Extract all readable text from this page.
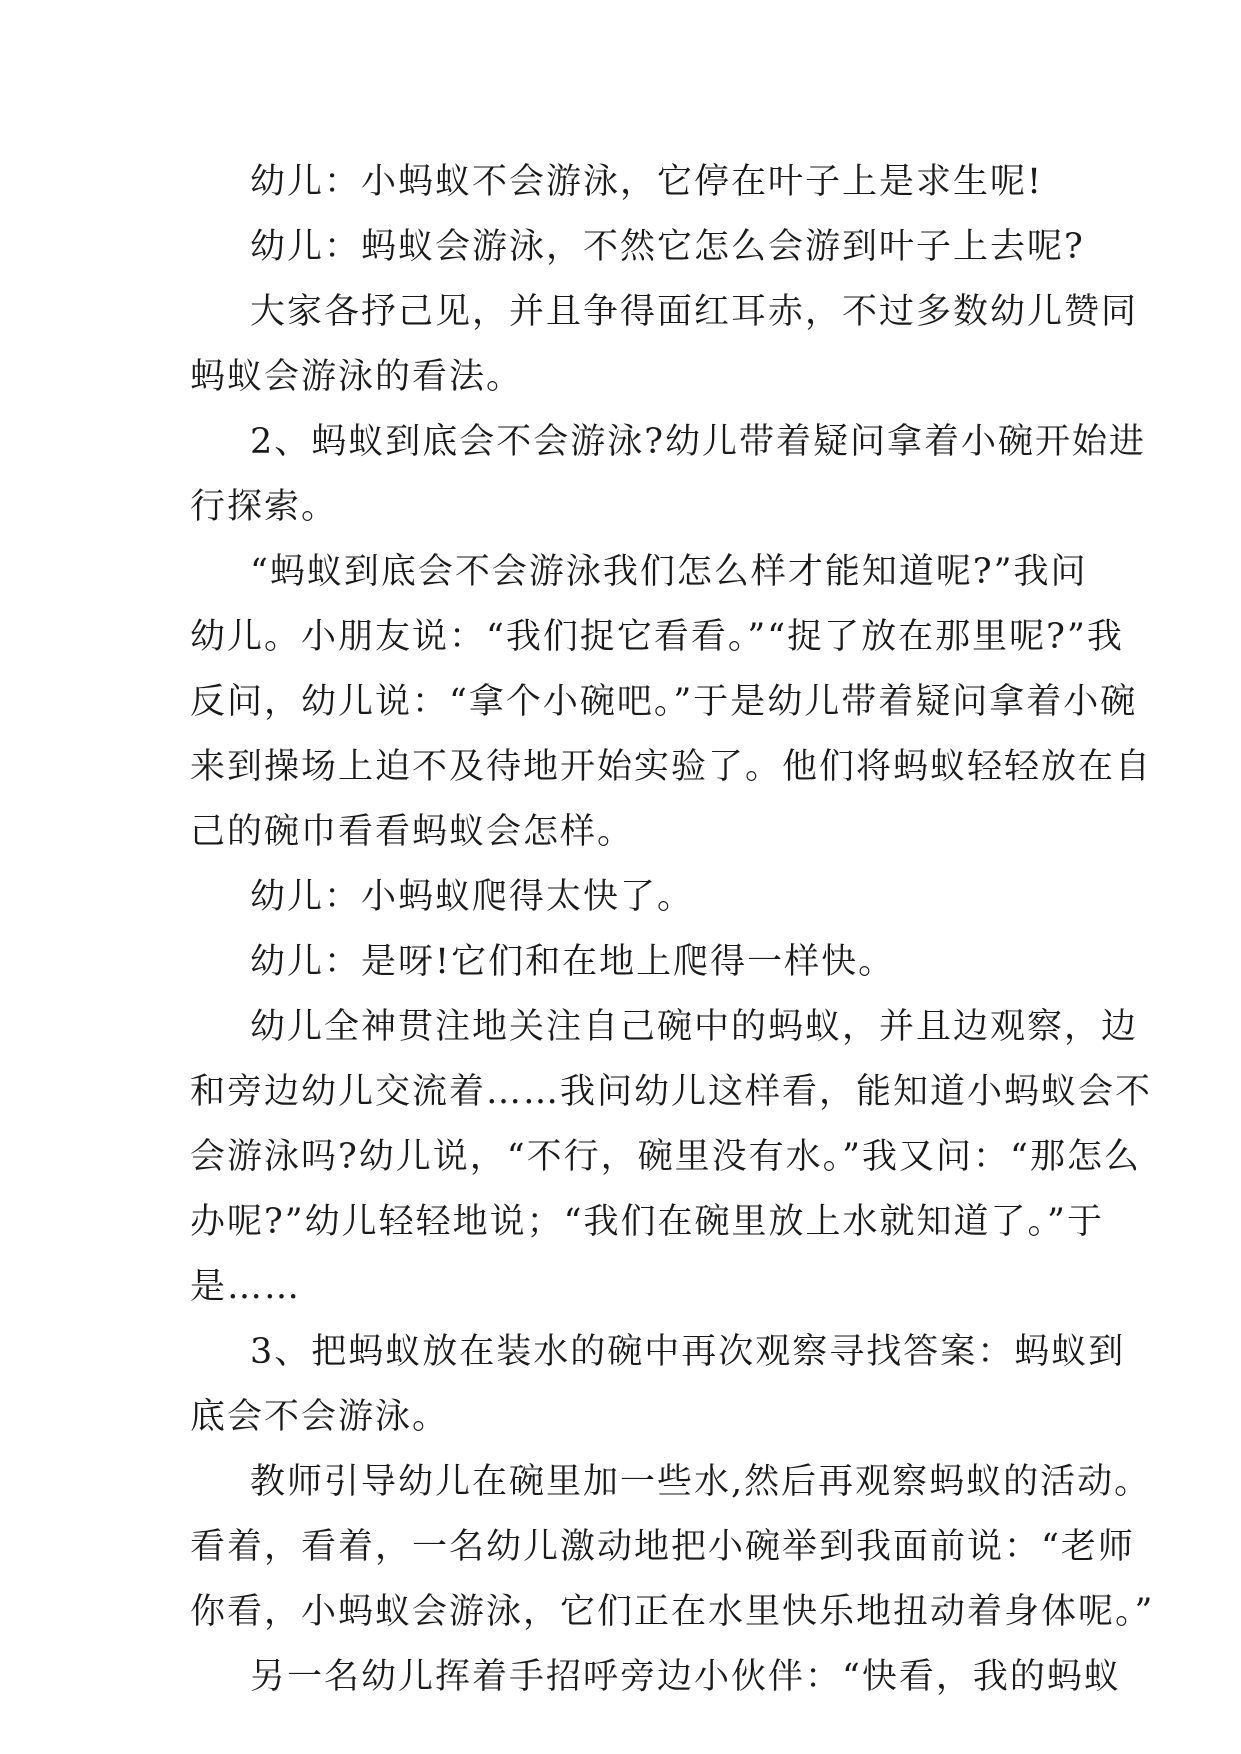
幼儿：小蚂蚁不会游泳，它停在叶子上是求生呢!
幼儿：蚂蚁会游泳，不然它怎么会游到叶子上去呢?
大家各抒己见，并且争得面红耳赤，不过多数幼儿赞同
蚂蚁会游泳的看法。
2、蚂蚁到底会不会游泳?幼儿带着疑问拿着小碗开始进
行探索。
“蚂蚁到底会不会游泳我们怎么样才能知道呢?”我问
幼儿。小朋友说：“我们捉它看看。”“捉了放在那里呢?”我
反问，幼儿说：“拿个小碗吧。”于是幼儿带着疑问拿着小碗
来到操场上迫不及待地开始实验了。他们将蚂蚁轻轻放在自
己的碗巾看看蚂蚁会怎样。
幼儿：小蚂蚁爬得太快了。
幼儿：是呀!它们和在地上爬得一样快。
幼儿全神贯注地关注自己碗中的蚂蚁，并且边观察，边
和旁边幼儿交流着……我问幼儿这样看，能知道小蚂蚁会不
会游泳吗?幼儿说，“不行，碗里没有水。”我又问：“那怎么
办呢?”幼儿轻轻地说；“我们在碗里放上水就知道了。”于
是……
3、把蚂蚁放在装水的碗中再次观察寻找答案：蚂蚁到
底会不会游泳。
教师引导幼儿在碗里加一些水,然后再观察蚂蚁的活动。
看着，看着，一名幼儿激动地把小碗举到我面前说：“老师
你看，小蚂蚁会游泳，它们正在水里快乐地扭动着身体呢。”
另一名幼儿挥着手招呼旁边小伙伴：“快看，我的蚂蚁
